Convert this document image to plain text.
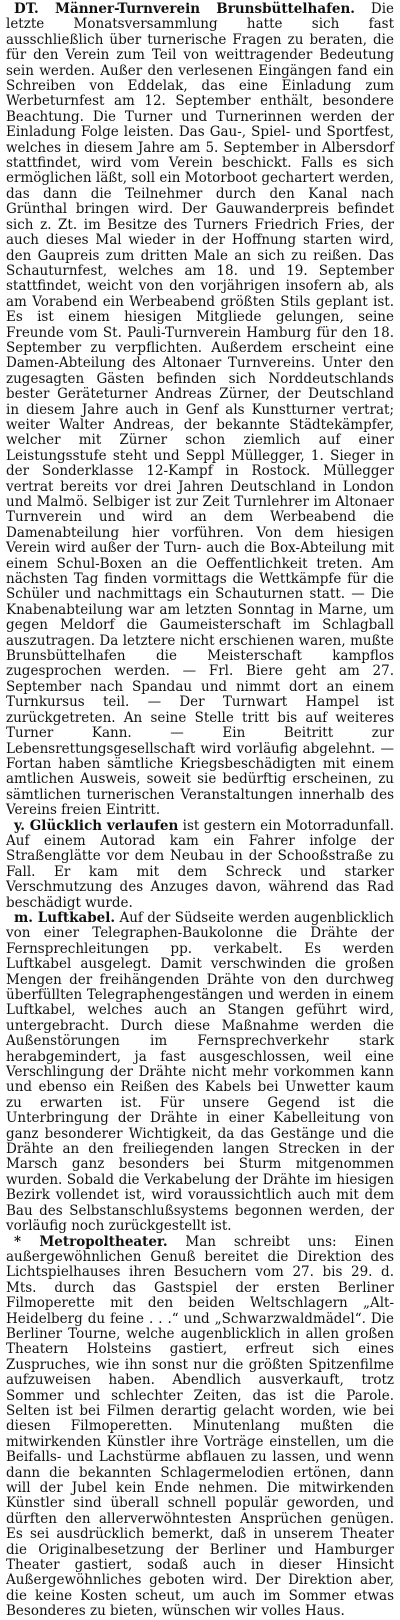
DT. Männer-Turnverein Brunsbüttelhafen. Die letzte Monatsversammlung hatte sich fast ausschließlich über turnerische Fragen zu beraten, die für den Verein zum Teil von weittragender Bedeutung sein werden. Außer den verlesenen Eingängen fand ein Schreiben von Eddelak, das eine Einladung zum Werbeturnfest am 12. September enthält, besondere Beachtung. Die Turner und Turnerinnen werden der Einladung Folge leisten. Das Gau-, Spiel- und Sportfest, welches in diesem Jahre am 5. September in Albersdorf stattfindet, wird vom Verein beschickt. Falls es sich ermöglichen läßt, soll ein Motorboot gechartert werden, das dann die Teilnehmer durch den Kanal nach Grünthal bringen wird. Der Gauwanderpreis befindet sich z. Zt. im Besitze des Turners Friedrich Fries, der auch dieses Mal wieder in der Hoffnung starten wird, den Gaupreis zum dritten Male an sich zu reißen. Das Schauturnfest, welches am 18. und 19. September stattfindet, weicht von den vorjährigen insofern ab, als am Vorabend ein Werbeabend größten Stils geplant ist. Es ist einem hiesigen Mitgliede gelungen, seine Freunde vom St. Pauli-Turnverein Hamburg für den 18. September zu verpflichten. Außerdem erscheint eine Damen-Abteilung des Altonaer Turnvereins. Unter den zugesagten Gästen befinden sich Norddeutschlands bester Geräteturner Andreas Zürner, der Deutschland in diesem Jahre auch in Genf als Kunstturner vertrat; weiter Walter Andreas, der bekannte Städtekämpfer, welcher mit Zürner schon ziemlich auf einer Leistungsstufe steht und Seppl Müllegger, 1. Sieger in der Sonderklasse 12-Kampf in Rostock. Müllegger vertrat bereits vor drei Jahren Deutschland in London und Malmö. Selbiger ist zur Zeit Turnlehrer im Altonaer Turnverein und wird an dem Werbeabend die Damenabteilung hier vorführen. Von dem hiesigen Verein wird außer der Turn- auch die Box-Abteilung mit einem Schul-Boxen an die Oeffentlichkeit treten. Am nächsten Tag finden vormittags die Wettkämpfe für die Schüler und nachmittags ein Schauturnen statt. — Die Knabenabteilung war am letzten Sonntag in Marne, um gegen Meldorf die Gaumeisterschaft im Schlagball auszutragen. Da letztere nicht erschienen waren, mußte Brunsbüttelhafen die Meisterschaft kampflos zugesprochen werden. — Frl. Biere geht am 27. September nach Spandau und nimmt dort an einem Turnkursus teil. — Der Turnwart Hampel ist zurückgetreten. An seine Stelle tritt bis auf weiteres Turner Kann. — Ein Beitritt zur Lebensrettungsgesellschaft wird vorläufig abgelehnt. — Fortan haben sämtliche Kriegsbeschädigten mit einem amtlichen Ausweis, soweit sie bedürftig erscheinen, zu sämtlichen turnerischen Veranstaltungen innerhalb des Vereins freien Eintritt.

y. Glücklich verlaufen ist gestern ein Motorradunfall. Auf einem Autorad kam ein Fahrer infolge der Straßenglätte vor dem Neubau in der Schooßstraße zu Fall. Er kam mit dem Schreck und starker Verschmutzung des Anzuges davon, während das Rad beschädigt wurde.

m. Luftkabel. Auf der Südseite werden augenblicklich von einer Telegraphen-Baukolonne die Drähte der Fernsprechleitungen pp. verkabelt. Es werden Luftkabel ausgelegt. Damit verschwinden die großen Mengen der freihängenden Drähte von den durchweg überfüllten Telegraphengestängen und werden in einem Luftkabel, welches auch an Stangen geführt wird, untergebracht. Durch diese Maßnahme werden die Außenstörungen im Fernsprechverkehr stark herabgemindert, ja fast ausgeschlossen, weil eine Verschlingung der Drähte nicht mehr vorkommen kann und ebenso ein Reißen des Kabels bei Unwetter kaum zu erwarten ist. Für unsere Gegend ist die Unterbringung der Drähte in einer Kabelleitung von ganz besonderer Wichtigkeit, da das Gestänge und die Drähte an den freiliegenden langen Strecken in der Marsch ganz besonders bei Sturm mitgenommen wurden. Sobald die Verkabelung der Drähte im hiesigen Bezirk vollendet ist, wird voraussichtlich auch mit dem Bau des Selbstanschlußsystems begonnen werden, der vorläufig noch zurückgestellt ist.

* Metropoltheater. Man schreibt uns: Einen außergewöhnlichen Genuß bereitet die Direktion des Lichtspielhauses ihren Besuchern vom 27. bis 29. d. Mts. durch das Gastspiel der ersten Berliner Filmoperette mit den beiden Weltschlagern „Alt-Heidelberg du feine . . .“ und „Schwarzwaldmädel“. Die Berliner Tourne, welche augenblicklich in allen großen Theatern Holsteins gastiert, erfreut sich eines Zuspruches, wie ihn sonst nur die größten Spitzenfilme aufzuweisen haben. Abendlich ausverkauft, trotz Sommer und schlechter Zeiten, das ist die Parole. Selten ist bei Filmen derartig gelacht worden, wie bei diesen Filmoperetten. Minutenlang mußten die mitwirkenden Künstler ihre Vorträge einstellen, um die Beifalls- und Lachstürme abflauen zu lassen, und wenn dann die bekannten Schlagermelodien ertönen, dann will der Jubel kein Ende nehmen. Die mitwirkenden Künstler sind überall schnell populär geworden, und dürften den allerverwöhntesten Ansprüchen genügen. Es sei ausdrücklich bemerkt, daß in unserem Theater die Originalbesetzung der Berliner und Hamburger Theater gastiert, sodaß auch in dieser Hinsicht Außergewöhnliches geboten wird. Der Direktion aber, die keine Kosten scheut, um auch im Sommer etwas Besonderes zu bieten, wünschen wir volles Haus.
